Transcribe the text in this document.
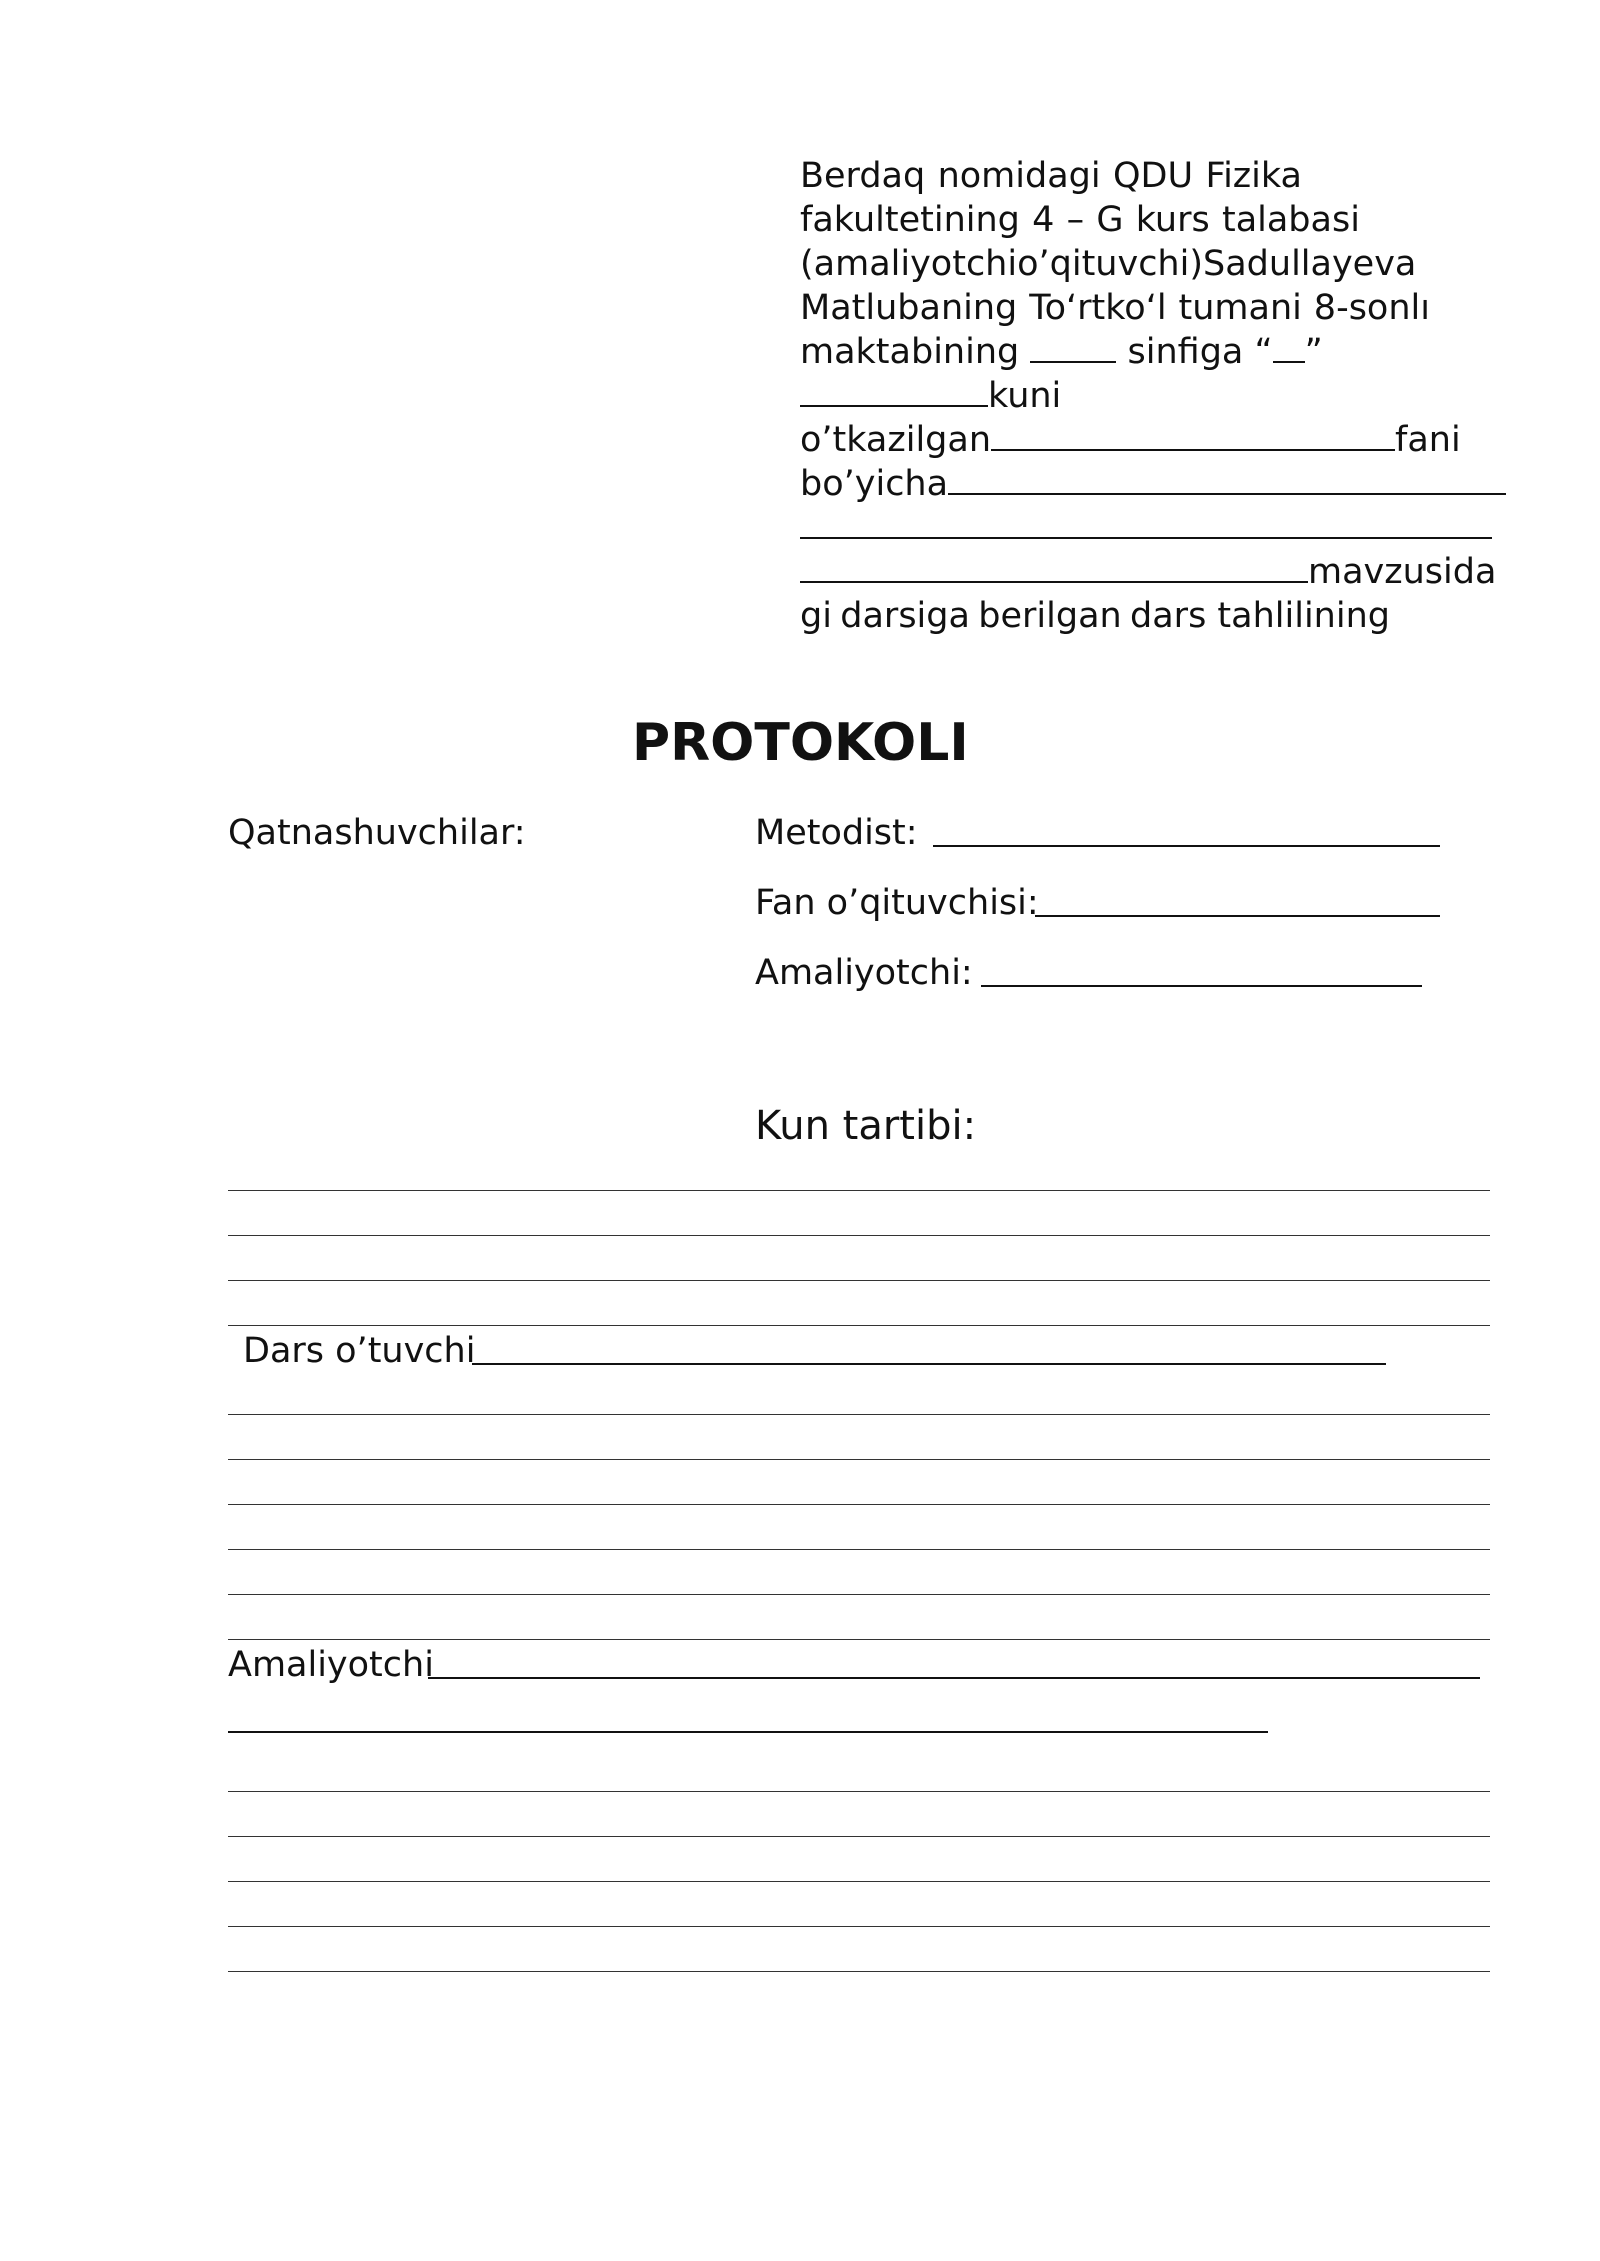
Berdaq nomidagi QDU Fizika
fakultetining 4 – G kurs talabasi
(amaliyotchi o’qituvchi) Sadullayeva
Matlubaning To‘rtko‘l tumani 8-sonlı
maktabining	sinfiga “ ”
kuni
o’tkazilgan	fani
bo’yicha
mavzusida
gi darsiga berilgan dars tahlilining
PROTOKOLI
Qatnashuvchilar:	Metodist:
Fan o’qituvchisi:
Amaliyotchi:
Kun tartibi:
Dars o’tuvchi
Amaliyotchi
